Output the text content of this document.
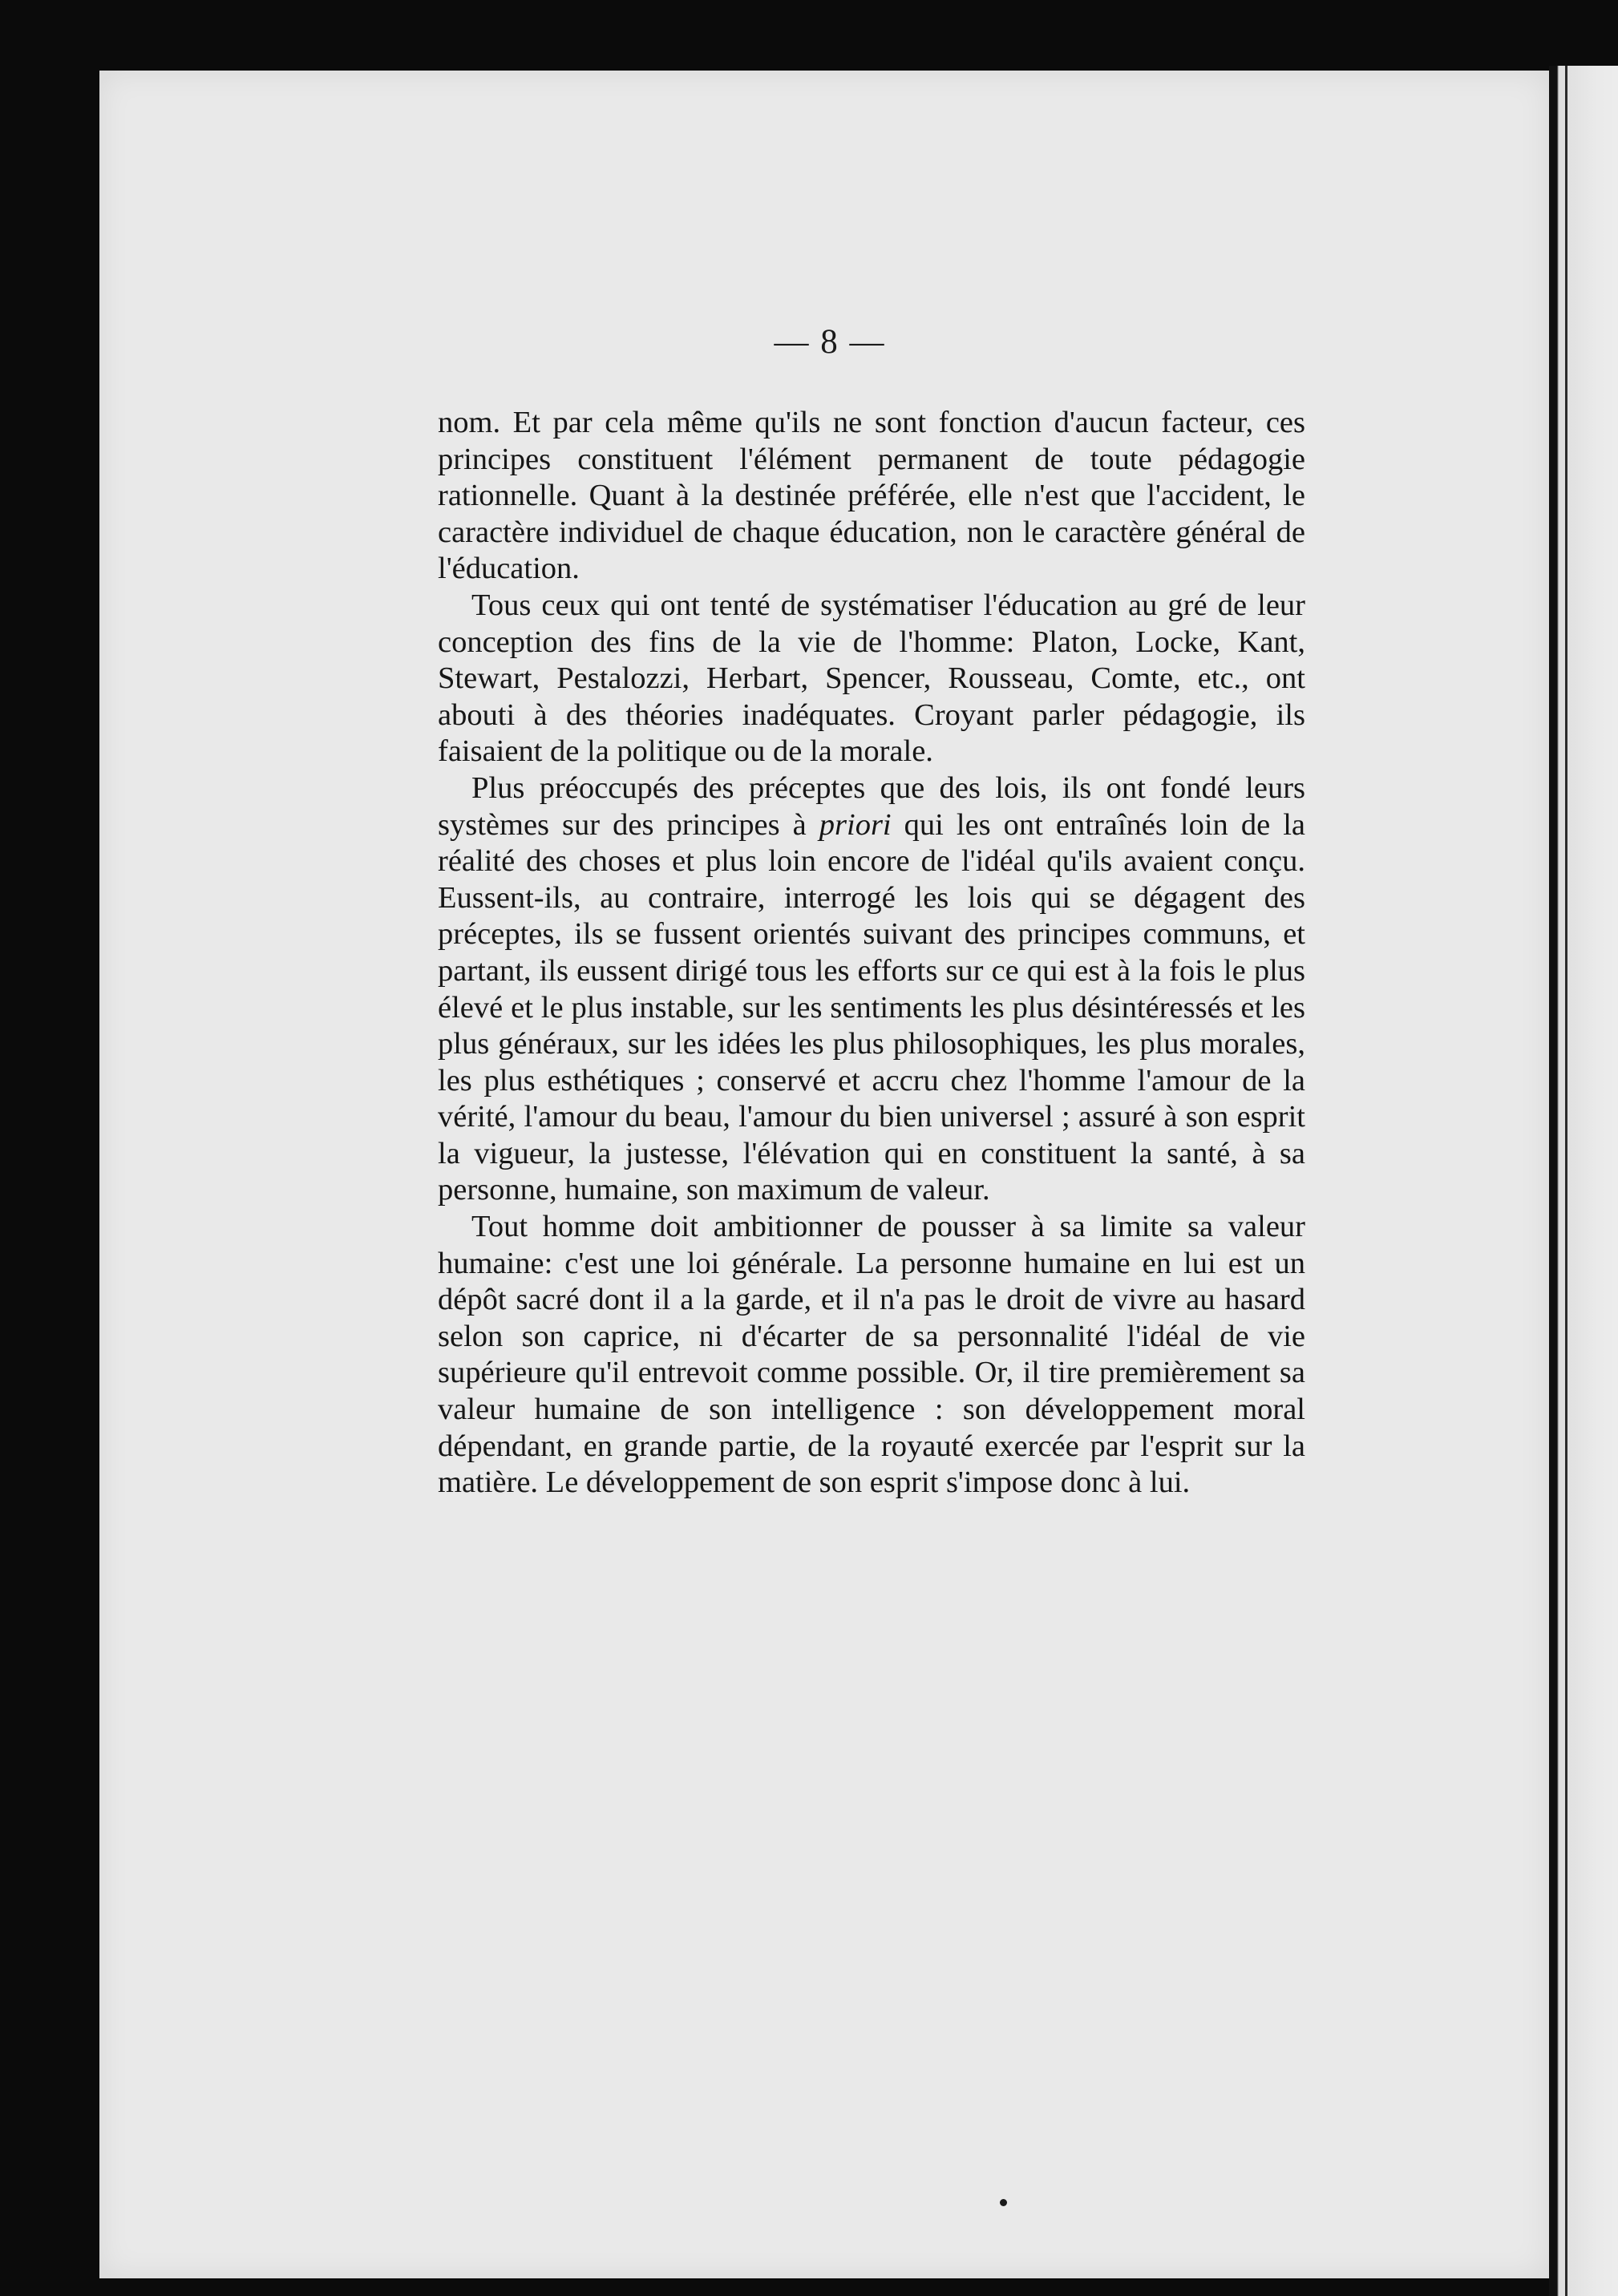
— 8 —

nom. Et par cela même qu'ils ne sont fonction d'aucun facteur, ces principes constituent l'élément permanent de toute pédagogie rationnelle. Quant à la destinée préférée, elle n'est que l'accident, le caractère individuel de chaque éducation, non le caractère général de l'éducation.

Tous ceux qui ont tenté de systématiser l'éducation au gré de leur conception des fins de la vie de l'homme: Platon, Locke, Kant, Stewart, Pestalozzi, Herbart, Spencer, Rousseau, Comte, etc., ont abouti à des théories inadéquates. Croyant parler pédagogie, ils faisaient de la politique ou de la morale.

Plus préoccupés des préceptes que des lois, ils ont fondé leurs systèmes sur des principes à priori qui les ont entraînés loin de la réalité des choses et plus loin encore de l'idéal qu'ils avaient conçu. Eussent-ils, au contraire, interrogé les lois qui se dégagent des préceptes, ils se fussent orientés suivant des principes communs, et partant, ils eussent dirigé tous les efforts sur ce qui est à la fois le plus élevé et le plus instable, sur les sentiments les plus désintéressés et les plus généraux, sur les idées les plus philosophiques, les plus morales, les plus esthétiques ; conservé et accru chez l'homme l'amour de la vérité, l'amour du beau, l'amour du bien universel ; assuré à son esprit la vigueur, la justesse, l'élévation qui en constituent la santé, à sa personne, humaine, son maximum de valeur.

Tout homme doit ambitionner de pousser à sa limite sa valeur humaine: c'est une loi générale. La personne humaine en lui est un dépôt sacré dont il a la garde, et il n'a pas le droit de vivre au hasard selon son caprice, ni d'écarter de sa personnalité l'idéal de vie supérieure qu'il entrevoit comme possible. Or, il tire premièrement sa valeur humaine de son intelligence : son développement moral dépendant, en grande partie, de la royauté exercée par l'esprit sur la matière. Le développement de son esprit s'impose donc à lui.
